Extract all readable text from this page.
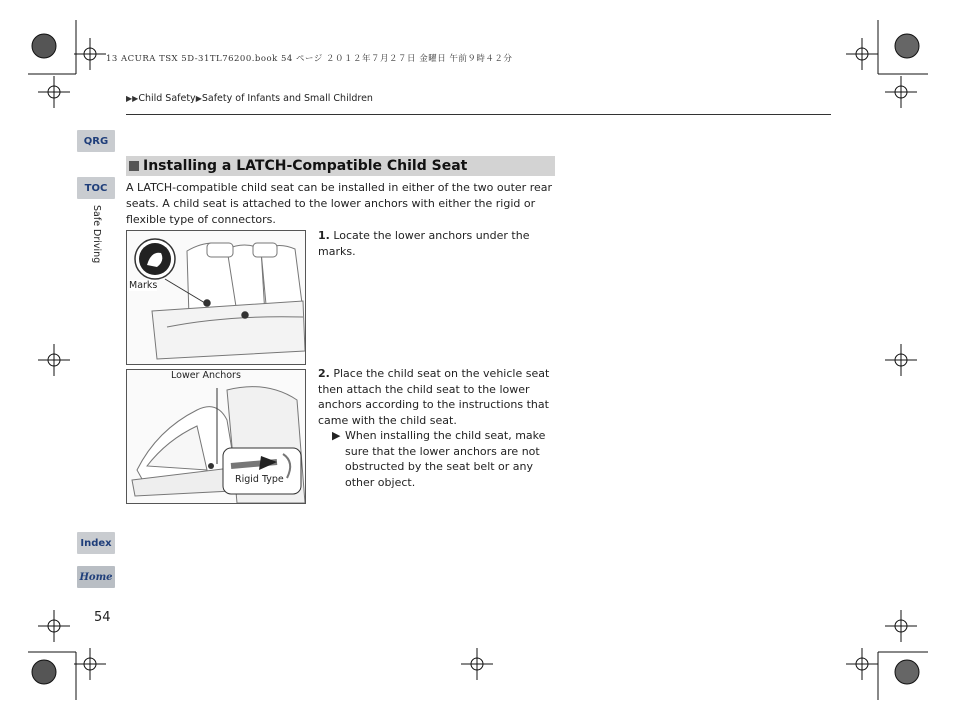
13 ACURA TSX 5D-31TL76200.book 54 ページ ２０１２年７月２７日 金曜日 午前９時４２分
▶▶Child Safety▶Safety of Infants and Small Children
QRG
TOC
Safe Driving
Index
Home
Installing a LATCH-Compatible Child Seat
A LATCH-compatible child seat can be installed in either of the two outer rear seats. A child seat is attached to the lower anchors with either the rigid or flexible type of connectors.
Marks
1. Locate the lower anchors under the marks.
Lower Anchors
Rigid Type
2. Place the child seat on the vehicle seat then attach the child seat to the lower anchors according to the instructions that came with the child seat.
▶ When installing the child seat, make sure that the lower anchors are not obstructed by the seat belt or any other object.
54
